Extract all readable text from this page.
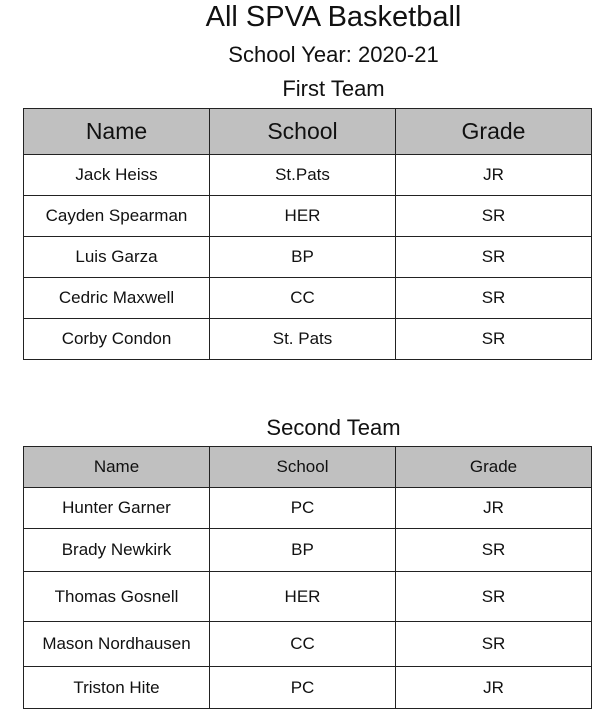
All SPVA Basketball
School Year: 2020-21
First Team
Name	School	Grade
Jack Heiss	St.Pats	JR
Cayden Spearman	HER	SR
Luis Garza	BP	SR
Cedric Maxwell	CC	SR
Corby Condon	St. Pats	SR
Second Team
Name	School	Grade
Hunter Garner	PC	JR
Brady Newkirk	BP	SR
Thomas Gosnell	HER	SR
Mason Nordhausen	CC	SR
Triston Hite	PC	JR
